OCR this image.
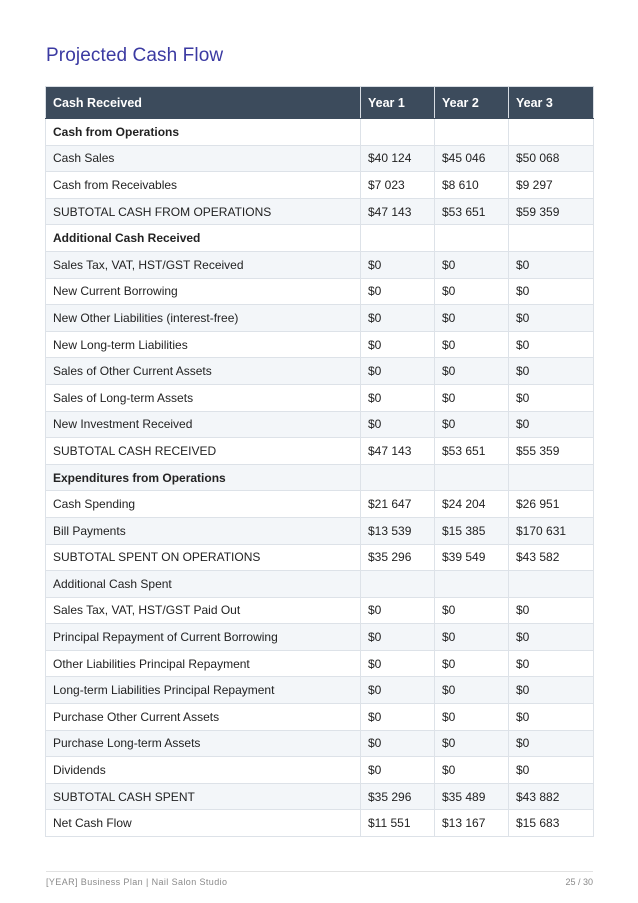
Projected Cash Flow
Cash Received	Year 1	Year 2	Year 3
Cash from Operations			
Cash Sales	$40 124	$45 046	$50 068
Cash from Receivables	$7 023	$8 610	$9 297
SUBTOTAL CASH FROM OPERATIONS	$47 143	$53 651	$59 359
Additional Cash Received			
Sales Tax, VAT, HST/GST Received	$0	$0	$0
New Current Borrowing	$0	$0	$0
New Other Liabilities (interest-free)	$0	$0	$0
New Long-term Liabilities	$0	$0	$0
Sales of Other Current Assets	$0	$0	$0
Sales of Long-term Assets	$0	$0	$0
New Investment Received	$0	$0	$0
SUBTOTAL CASH RECEIVED	$47 143	$53 651	$55 359
Expenditures from Operations			
Cash Spending	$21 647	$24 204	$26 951
Bill Payments	$13 539	$15 385	$170 631
SUBTOTAL SPENT ON OPERATIONS	$35 296	$39 549	$43 582
Additional Cash Spent			
Sales Tax, VAT, HST/GST Paid Out	$0	$0	$0
Principal Repayment of Current Borrowing	$0	$0	$0
Other Liabilities Principal Repayment	$0	$0	$0
Long-term Liabilities Principal Repayment	$0	$0	$0
Purchase Other Current Assets	$0	$0	$0
Purchase Long-term Assets	$0	$0	$0
Dividends	$0	$0	$0
SUBTOTAL CASH SPENT	$35 296	$35 489	$43 882
Net Cash Flow	$11 551	$13 167	$15 683
[YEAR] Business Plan | Nail Salon Studio	25 / 30
